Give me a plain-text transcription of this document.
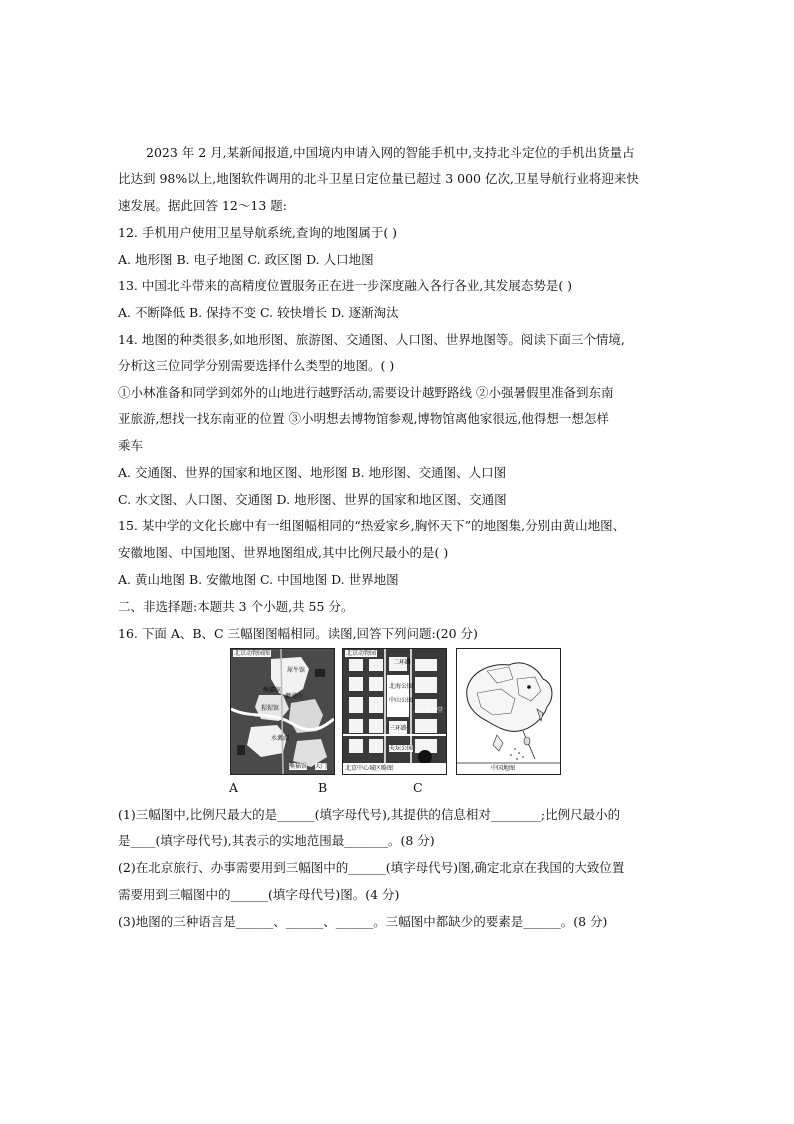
2023 年 2 月,某新闻报道,中国境内申请入网的智能手机中,支持北斗定位的手机出货量占
比达到 98%以上,地图软件调用的北斗卫星日定位量已超过 3 000 亿次,卫星导航行业将迎来快
速发展。据此回答 12～13 题:
12. 手机用户使用卫星导航系统,查询的地图属于( )
A. 地形图 B. 电子地图 C. 政区图 D. 人口地图
13. 中国北斗带来的高精度位置服务正在进一步深度融入各行各业,其发展态势是( )
A. 不断降低 B. 保持不变 C. 较快增长 D. 逐渐淘汰
14. 地图的种类很多,如地形图、旅游图、交通图、人口图、世界地图等。阅读下面三个情境,
分析这三位同学分别需要选择什么类型的地图。( )
①小林准备和同学到郊外的山地进行越野活动,需要设计越野路线 ②小强暑假里准备到东南
亚旅游,想找一找东南亚的位置 ③小明想去博物馆参观,博物馆离他家很远,他得想一想怎样
乘车
A. 交通图、世界的国家和地区图、地形图 B. 地形图、交通图、人口图
C. 水文图、人口图、交通图 D. 地形图、世界的国家和地区图、交通图
15. 某中学的文化长廊中有一组图幅相同的“热爱家乡,胸怀天下”的地图集,分别由黄山地图、
安徽地图、中国地图、世界地图组成,其中比例尺最小的是( )
A. 黄山地图 B. 安徽地图 C. 中国地图 D. 世界地图
二、非选择题:本题共 3 个小题,共 55 分。
16. 下面 A、B、C 三幅图图幅相同。读图,回答下列问题:(20 分)
北京动物园图
狮虎山
犀牛馆
猩猩馆
熊猫馆
水禽湖
熊猫馆 大门
北京动物园
二环路
北海公园
中山公园
三环路
人民大会堂
天坛公园
北京中心城区略图	中国地图
A	B	C
(1)三幅图中,比例尺最大的是______(填字母代号),其提供的信息相对________;比例尺最小的
是____(填字母代号),其表示的实地范围最_______。(8 分)
(2)在北京旅行、办事需要用到三幅图中的______(填字母代号)图,确定北京在我国的大致位置
需要用到三幅图中的______(填字母代号)图。(4 分)
(3)地图的三种语言是______、______、______。三幅图中都缺少的要素是______。(8 分)
